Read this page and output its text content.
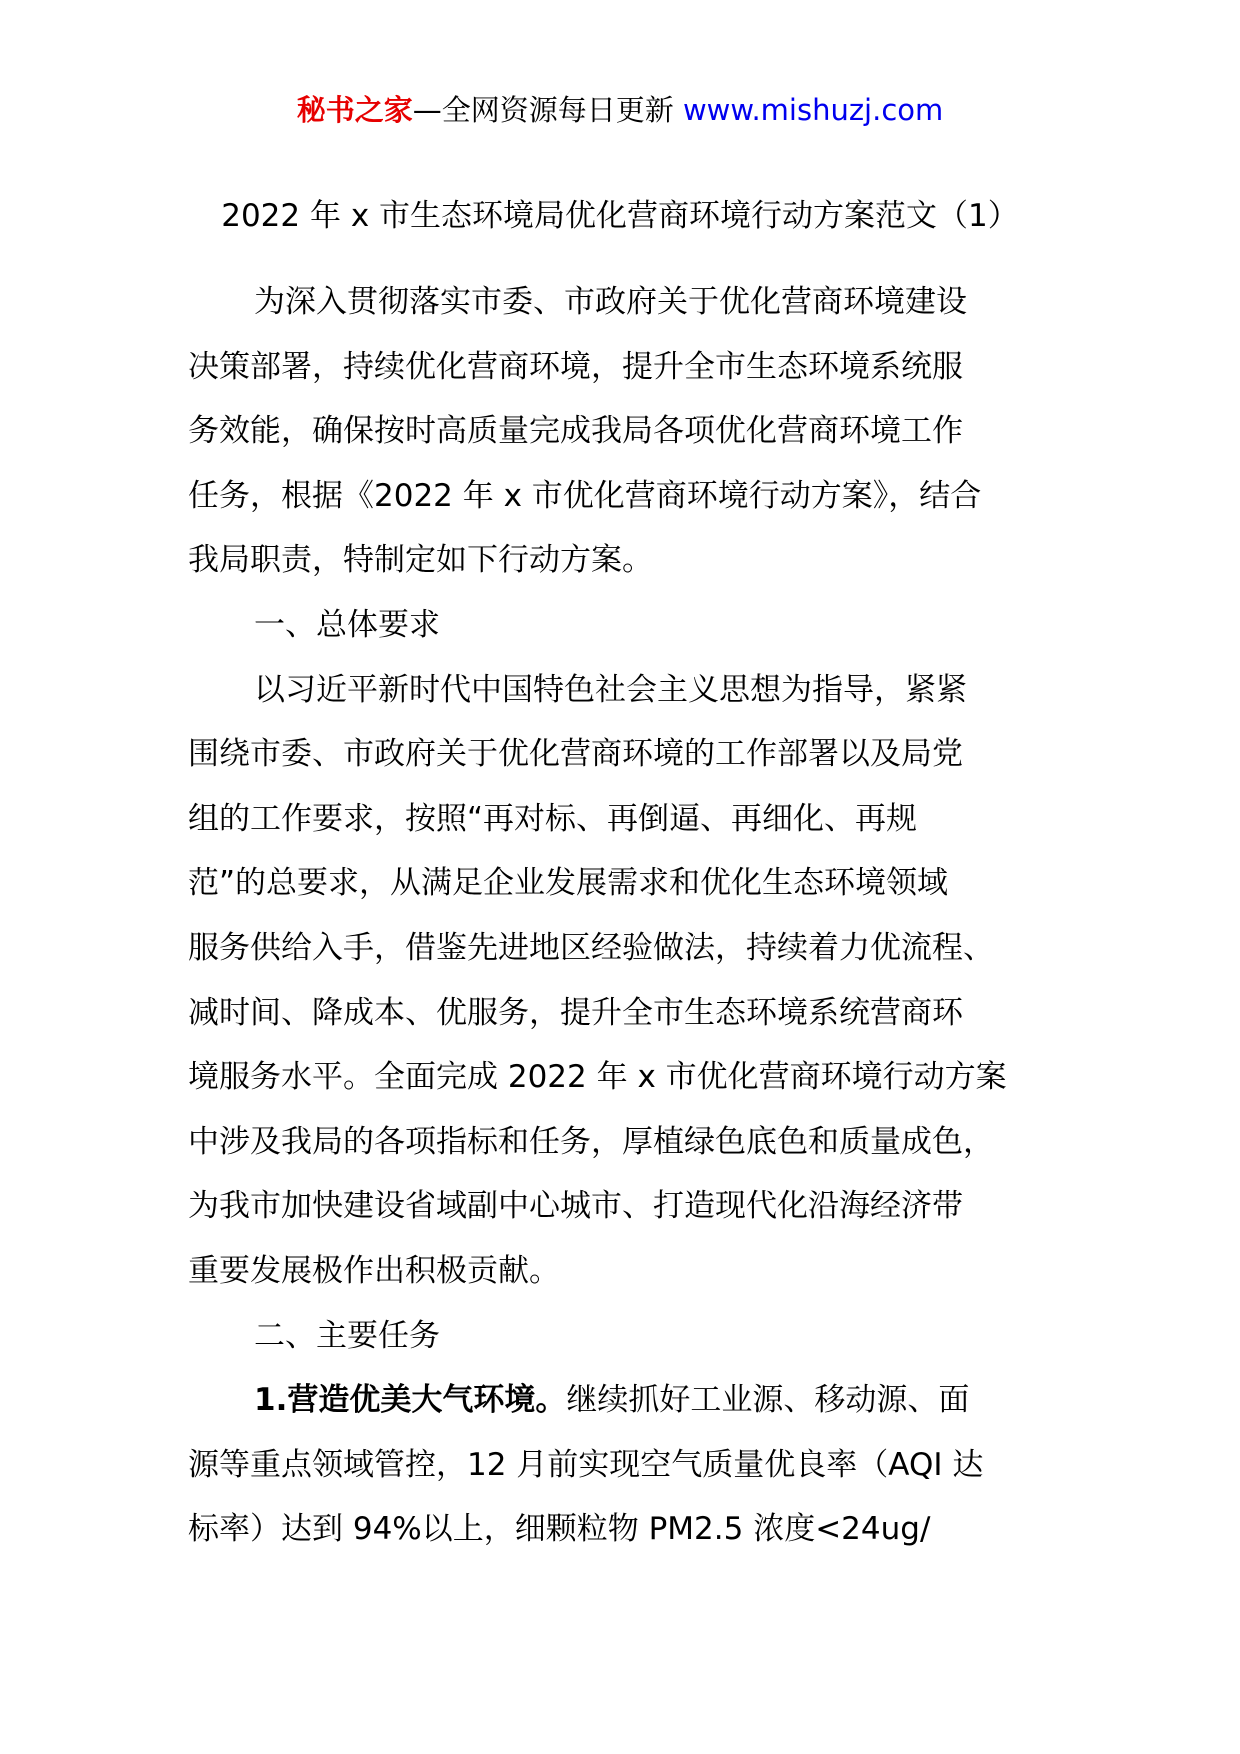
秘书之家—全网资源每日更新 www.mishuzj.com
2022 年 x 市生态环境局优化营商环境行动方案范文（1）
为深入贯彻落实市委、市政府关于优化营商环境建设
决策部署，持续优化营商环境，提升全市生态环境系统服
务效能，确保按时高质量完成我局各项优化营商环境工作
任务，根据《2022 年 x 市优化营商环境行动方案》，结合
我局职责，特制定如下行动方案。
一、总体要求
以习近平新时代中国特色社会主义思想为指导，紧紧
围绕市委、市政府关于优化营商环境的工作部署以及局党
组的工作要求，按照“再对标、再倒逼、再细化、再规
范”的总要求，从满足企业发展需求和优化生态环境领域
服务供给入手，借鉴先进地区经验做法，持续着力优流程、
减时间、降成本、优服务，提升全市生态环境系统营商环
境服务水平。全面完成 2022 年 x 市优化营商环境行动方案
中涉及我局的各项指标和任务，厚植绿色底色和质量成色，
为我市加快建设省域副中心城市、打造现代化沿海经济带
重要发展极作出积极贡献。
二、主要任务
1.营造优美大气环境。继续抓好工业源、移动源、面
源等重点领域管控，12 月前实现空气质量优良率（AQI 达
标率）达到 94%以上，细颗粒物 PM2.5 浓度<24ug/
